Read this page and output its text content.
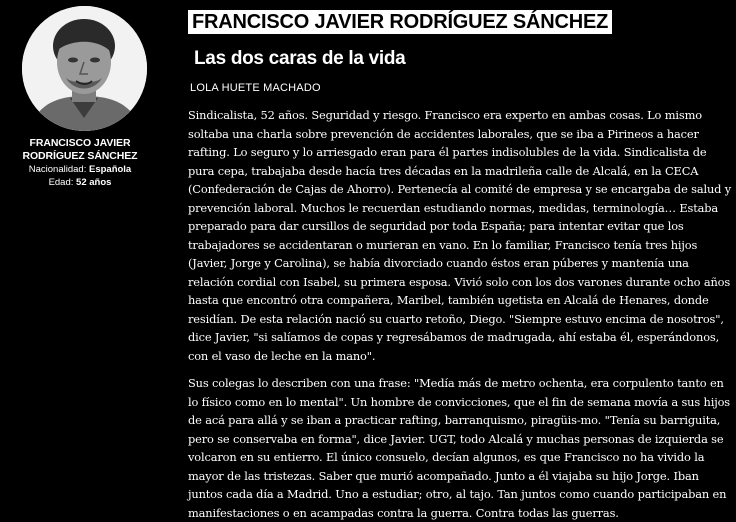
FRANCISCO JAVIER
RODRÍGUEZ SÁNCHEZ
Nacionalidad: Española
Edad: 52 años
FRANCISCO JAVIER RODRÍGUEZ SÁNCHEZ
Las dos caras de la vida
LOLA HUETE MACHADO

Sindicalista, 52 años. Seguridad y riesgo. Francisco era experto en ambas cosas. Lo mismo soltaba una charla sobre prevención de accidentes laborales, que se iba a Pirineos a hacer rafting. Lo seguro y lo arriesgado eran para él partes indisolubles de la vida. Sindicalista de pura cepa, trabajaba desde hacía tres décadas en la madrileña calle de Alcalá, en la CECA (Confederación de Cajas de Ahorro). Pertenecía al comité de empresa y se encargaba de salud y prevención laboral. Muchos le recuerdan estudiando normas, medidas, terminología… Estaba preparado para dar cursillos de seguridad por toda España; para intentar evitar que los trabajadores se accidentaran o murieran en vano. En lo familiar, Francisco tenía tres hijos (Javier, Jorge y Carolina), se había divorciado cuando éstos eran púberes y mantenía una relación cordial con Isabel, su primera esposa. Vivió solo con los dos varones durante ocho años hasta que encontró otra compañera, Maribel, también ugetista en Alcalá de Henares, donde residían. De esta relación nació su cuarto retoño, Diego. "Siempre estuvo encima de nosotros", dice Javier, "si salíamos de copas y regresábamos de madrugada, ahí estaba él, esperándonos, con el vaso de leche en la mano".

Sus colegas lo describen con una frase: "Medía más de metro ochenta, era corpulento tanto en lo físico como en lo mental". Un hombre de convicciones, que el fin de semana movía a sus hijos de acá para allá y se iban a practicar rafting, barranquismo, piragüis-mo. "Tenía su barriguita, pero se conservaba en forma", dice Javier. UGT, todo Alcalá y muchas personas de izquierda se volcaron en su entierro. El único consuelo, decían algunos, es que Francisco no ha vivido la mayor de las tristezas. Saber que murió acompañado. Junto a él viajaba su hijo Jorge. Iban juntos cada día a Madrid. Uno a estudiar; otro, al tajo. Tan juntos como cuando participaban en manifestaciones o en acampadas contra la guerra. Contra todas las guerras.
